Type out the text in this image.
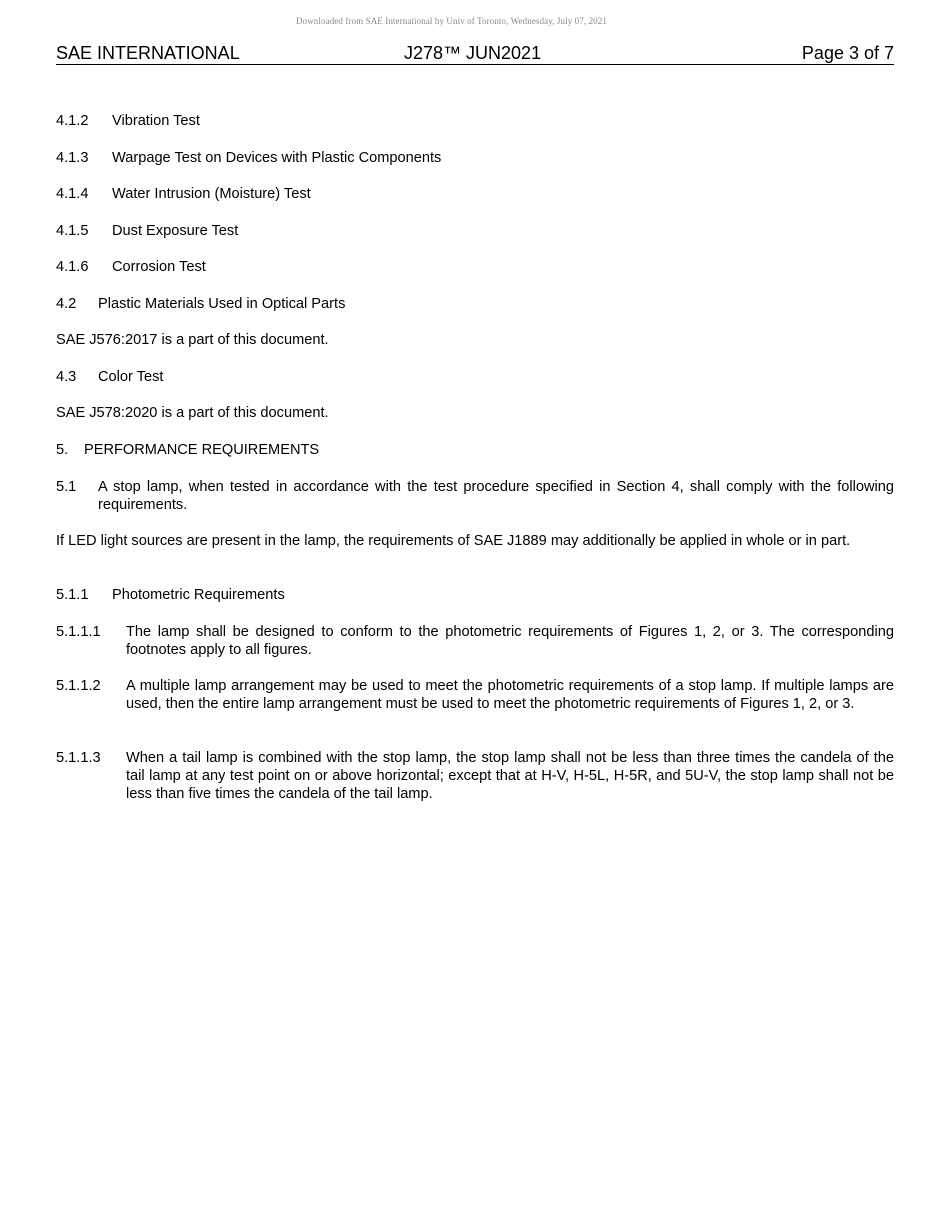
Downloaded from SAE International by Univ of Toronto, Wednesday, July 07, 2021
SAE INTERNATIONAL	J278™ JUN2021	Page 3 of 7
4.1.2 Vibration Test
4.1.3 Warpage Test on Devices with Plastic Components
4.1.4 Water Intrusion (Moisture) Test
4.1.5 Dust Exposure Test
4.1.6 Corrosion Test
4.2 Plastic Materials Used in Optical Parts
SAE J576:2017 is a part of this document.
4.3 Color Test
SAE J578:2020 is a part of this document.
5. PERFORMANCE REQUIREMENTS
5.1 A stop lamp, when tested in accordance with the test procedure specified in Section 4, shall comply with the following requirements.
If LED light sources are present in the lamp, the requirements of SAE J1889 may additionally be applied in whole or in part.
5.1.1 Photometric Requirements
5.1.1.1 The lamp shall be designed to conform to the photometric requirements of Figures 1, 2, or 3. The corresponding footnotes apply to all figures.
5.1.1.2 A multiple lamp arrangement may be used to meet the photometric requirements of a stop lamp. If multiple lamps are used, then the entire lamp arrangement must be used to meet the photometric requirements of Figures 1, 2, or 3.
5.1.1.3 When a tail lamp is combined with the stop lamp, the stop lamp shall not be less than three times the candela of the tail lamp at any test point on or above horizontal; except that at H-V, H-5L, H-5R, and 5U-V, the stop lamp shall not be less than five times the candela of the tail lamp.
